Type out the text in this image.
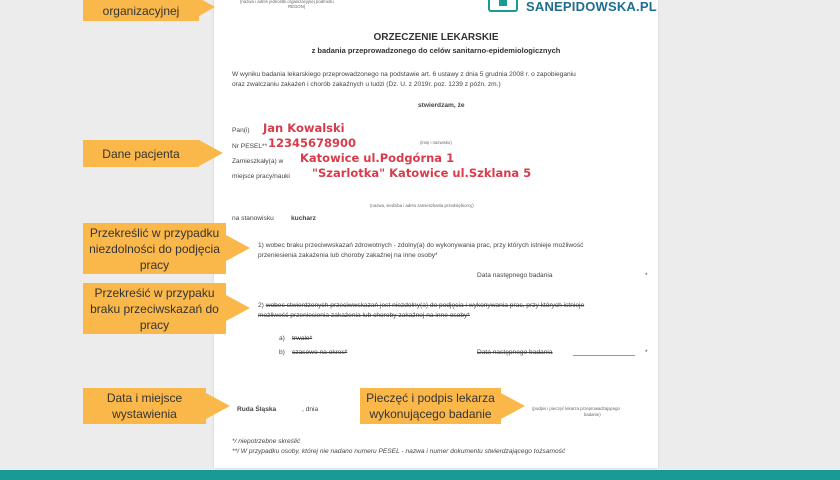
(nazwa i adres jednostki organizacyjnej podmiotu
REGON)	SANEPIDOWSKA.PL
ORZECZENIE LEKARSKIE
z badania przeprowadzonego do celów sanitarno-epidemiologicznych
W wyniku badania lekarskiego przeprowadzonego na podstawie art. 6 ustawy z dnia 5 grudnia 2008 r. o zapobieganiu
oraz zwalczaniu zakażeń i chorób zakaźnych u ludzi (Dz. U. z 2019r. poz. 1239 z późn. zm.)
stwierdzam, że
Pan(i) Jan Kowalski
(imię i nazwisko)
Nr PESEL** 12345678900
Zamieszkały(a) w Katowice ul.Podgórna 1
miejsce pracy/nauki "Szarlotka" Katowice ul.Szklana 5
(nazwa, siedziba i adres zamieszkania przedsiębiorcy)
na stanowisku	kucharz
1) wobec braku przeciwwskazań zdrowotnych - zdolny(a) do wykonywania prac, przy których istnieje możliwość
przeniesienia zakażenia lub choroby zakaźnej na inne osoby*
Data następnego badania	*
2) wobec stwierdzonych przeciwwskazań jest niezdolny(a) do podjęcia i wykonywania prac, przy których istnieje
możliwość przeniesienia zakażenia lub choroby zakaźnej na inne osoby*
a) trwale*
b) czasowo na okres*	Data następnego badania	*
Ruda Śląska	, dnia	(podpis i pieczęć lekarza przeprowadzającego
badanie)
*/ niepotrzebne skreślić
**/ W przypadku osoby, której nie nadano numeru PESEL - nazwa i numer dokumentu stwierdzającego tożsamość
organizacyjnej
Dane pacjenta
Przekreślić w przypadku niezdolności do podjęcia pracy
Przekreśić w przypaku braku przeciwskazań do pracy
Data i miejsce wystawienia
Pieczęć i podpis lekarza wykonującego badanie
